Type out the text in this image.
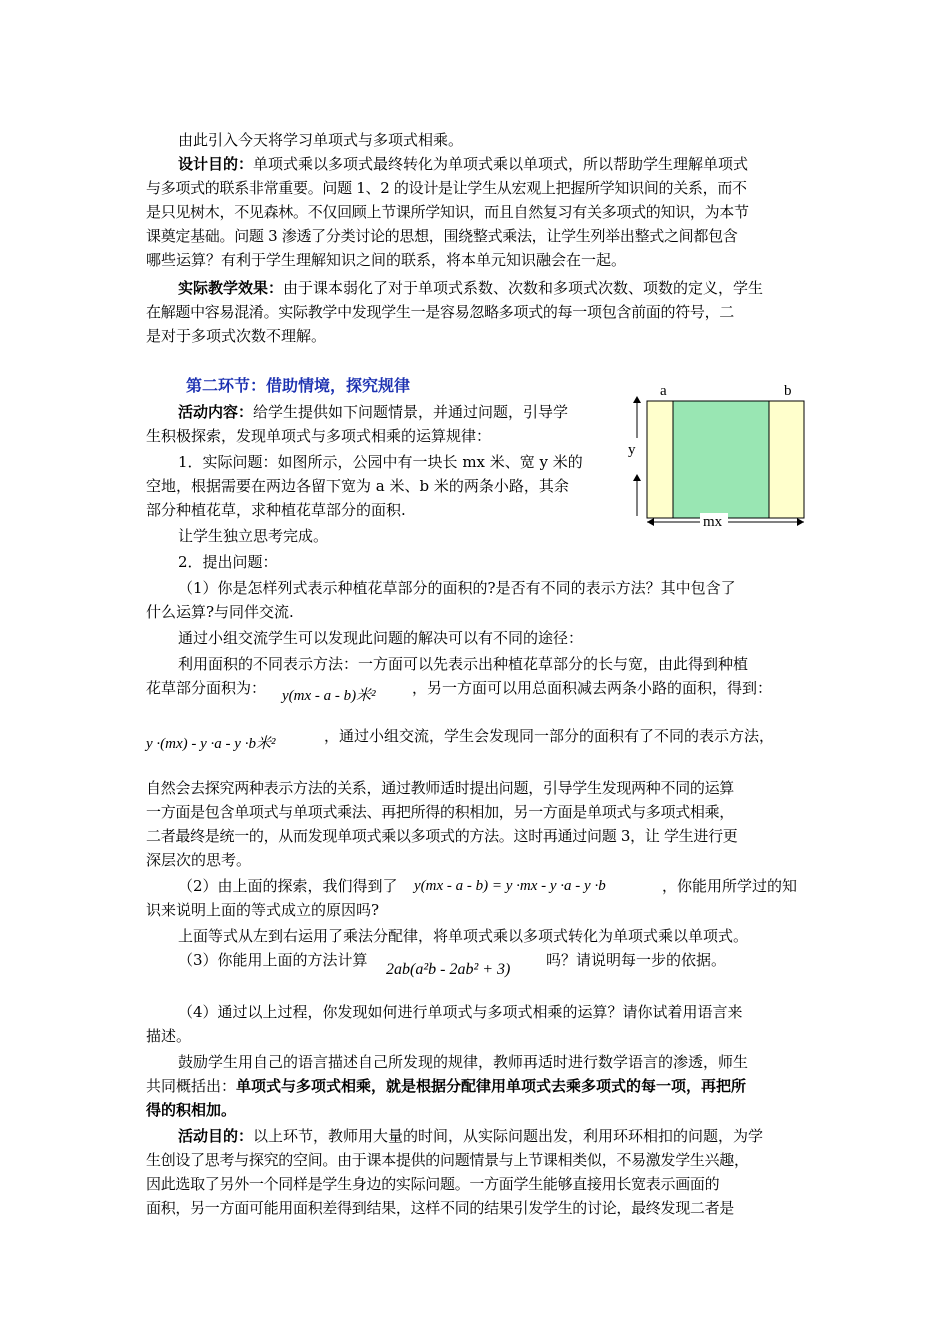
由此引入今天将学习单项式与多项式相乘。
设计目的：单项式乘以多项式最终转化为单项式乘以单项式，所以帮助学生理解单项式
与多项式的联系非常重要。问题 1、2 的设计是让学生从宏观上把握所学知识间的关系，而不
是只见树木，不见森林。不仅回顾上节课所学知识，而且自然复习有关多项式的知识，为本节
课奠定基础。问题 3 渗透了分类讨论的思想，围绕整式乘法，让学生列举出整式之间都包含
哪些运算？有利于学生理解知识之间的联系，将本单元知识融会在一起。
实际教学效果：由于课本弱化了对于单项式系数、次数和多项式次数、项数的定义，学生
在解题中容易混淆。实际教学中发现学生一是容易忽略多项式的每一项包含前面的符号，二
是对于多项式次数不理解。
第二环节：借助情境，探究规律
活动内容：给学生提供如下问题情景，并通过问题，引导学
生积极探索，发现单项式与多项式相乘的运算规律：
1．实际问题：如图所示，公园中有一块长 mx 米、宽 y 米的
空地，根据需要在两边各留下宽为 a 米、b 米的两条小路，其余
部分种植花草，求种植花草部分的面积.
让学生独立思考完成。
2．提出问题：
a	b
y
mx
（1）你是怎样列式表示种植花草部分的面积的?是否有不同的表示方法？其中包含了
什么运算?与同伴交流.
通过小组交流学生可以发现此问题的解决可以有不同的途径：
利用面积的不同表示方法：一方面可以先表示出种植花草部分的长与宽，由此得到种植
花草部分面积为： y(mx - a - b)米² ，另一方面可以用总面积减去两条小路的面积，得到：
y ·(mx) - y ·a - y ·b米²	，通过小组交流，学生会发现同一部分的面积有了不同的表示方法，
自然会去探究两种表示方法的关系，通过教师适时提出问题，引导学生发现两种不同的运算
一方面是包含单项式与单项式乘法、再把所得的积相加，另一方面是单项式与多项式相乘，
二者最终是统一的，从而发现单项式乘以多项式的方法。这时再通过问题 3，让 学生进行更
深层次的思考。
（2）由上面的探索，我们得到了 y(mx - a - b) = y ·mx - y ·a - y ·b	，你能用所学过的知
识来说明上面的等式成立的原因吗?
上面等式从左到右运用了乘法分配律，将单项式乘以多项式转化为单项式乘以单项式。
（3）你能用上面的方法计算
2ab(a²b - 2ab² + 3)
吗？请说明每一步的依据。
（4）通过以上过程，你发现如何进行单项式与多项式相乘的运算？请你试着用语言来
描述。
鼓励学生用自己的语言描述自己所发现的规律，教师再适时进行数学语言的渗透，师生
共同概括出：单项式与多项式相乘，就是根据分配律用单项式去乘多项式的每一项，再把所
得的积相加。
活动目的：以上环节，教师用大量的时间，从实际问题出发，利用环环相扣的问题，为学
生创设了思考与探究的空间。由于课本提供的问题情景与上节课相类似，不易激发学生兴趣，
因此选取了另外一个同样是学生身边的实际问题。一方面学生能够直接用长宽表示画面的
面积，另一方面可能用面积差得到结果，这样不同的结果引发学生的讨论，最终发现二者是
